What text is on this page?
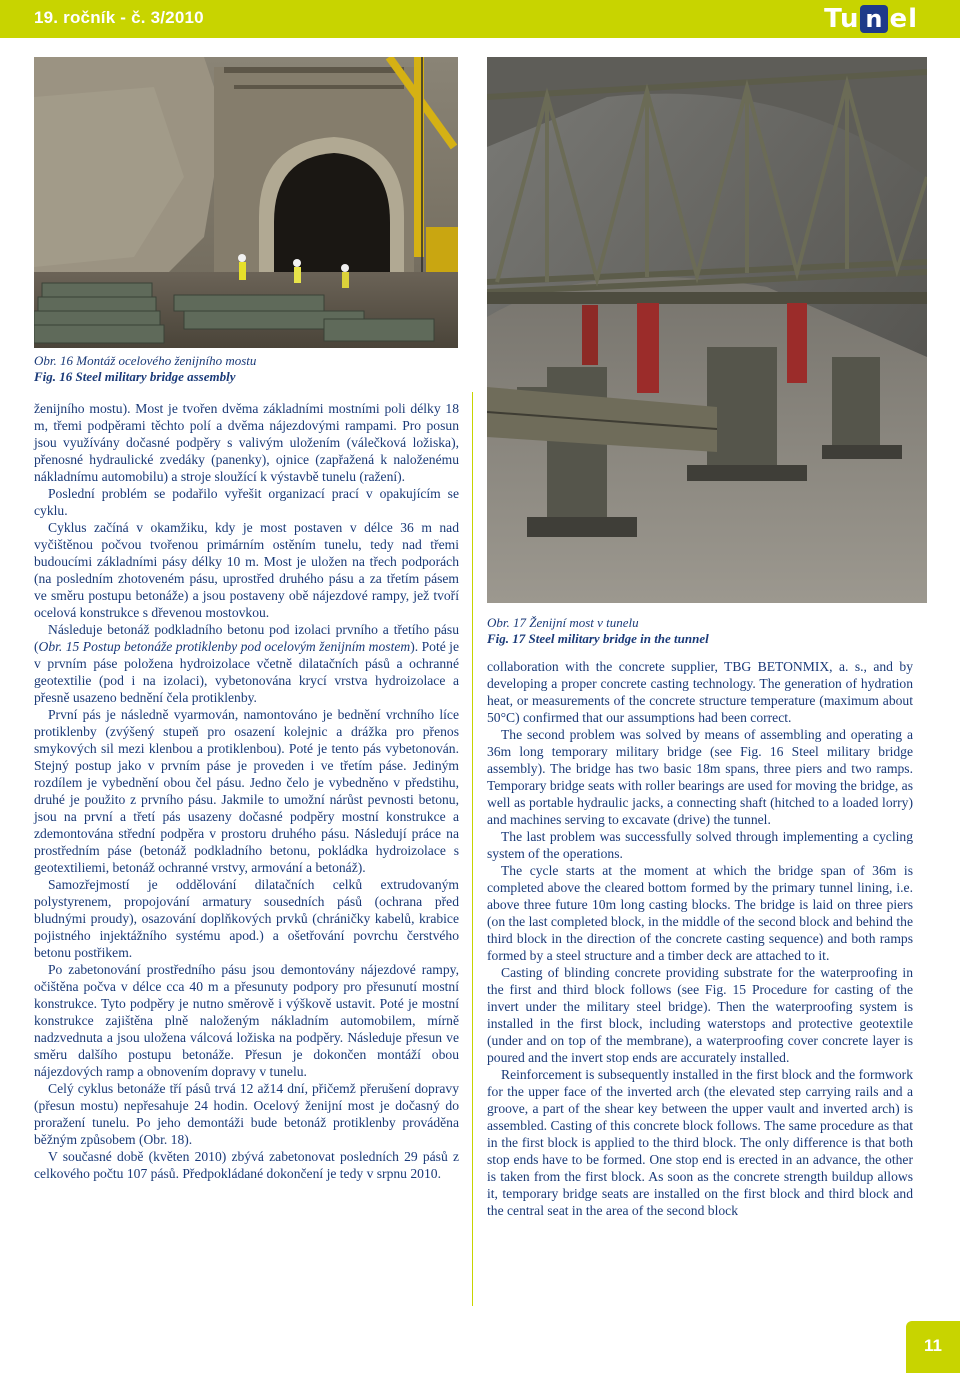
19. ročník - č. 3/2010	Tu n el
Obr. 16 Montáž ocelového ženijního mostu
Fig. 16 Steel military bridge assembly
Obr. 17 Ženijní most v tunelu
Fig. 17 Steel military bridge in the tunnel

ženijního mostu). Most je tvořen dvěma základními mostními poli délky 18 m, třemi podpěrami těchto polí a dvěma nájezdovými rampami. Pro posun jsou využívány dočasné podpěry s valivým uložením (válečková ložiska), přenosné hydraulické zvedáky (panenky), ojnice (zapřažená k naloženému nákladnímu automobilu) a stroje sloužící k výstavbě tunelu (ražení).

Poslední problém se podařilo vyřešit organizací prací v opakujícím se cyklu.

Cyklus začíná v okamžiku, kdy je most postaven v délce 36 m nad vyčištěnou počvou tvořenou primárním ostěním tunelu, tedy nad třemi budoucími základními pásy délky 10 m. Most je uložen na třech podporách (na posledním zhotoveném pásu, uprostřed druhého pásu a za třetím pásem ve směru postupu betonáže) a jsou postaveny obě nájezdové rampy, jež tvoří ocelová konstrukce s dřevenou mostovkou.

Následuje betonáž podkladního betonu pod izolaci prvního a třetího pásu (Obr. 15 Postup betonáže protiklenby pod ocelovým ženijním mostem). Poté je v prvním páse položena hydroizolace včetně dilatačních pásů a ochranné geotextilie (pod i na izolaci), vybetonována krycí vrstva hydroizolace a přesně usazeno bednění čela protiklenby.

První pás je následně vyarmován, namontováno je bednění vrchního líce protiklenby (zvýšený stupeň pro osazení kolejnic a drážka pro přenos smykových sil mezi klenbou a protiklenbou). Poté je tento pás vybetonován. Stejný postup jako v prvním páse je proveden i ve třetím páse. Jediným rozdílem je vybednění obou čel pásu. Jedno čelo je vybedněno v předstihu, druhé je použito z prvního pásu. Jakmile to umožní nárůst pevnosti betonu, jsou na první a třetí pás usazeny dočasné podpěry mostní konstrukce a zdemontována střední podpěra v prostoru druhého pásu. Následují práce na prostředním páse (betonáž podkladního betonu, pokládka hydroizolace s geotextiliemi, betonáž ochranné vrstvy, armování a betonáž).

Samozřejmostí je oddělování dilatačních celků extrudovaným polystyrenem, propojování armatury sousedních pásů (ochrana před bludnými proudy), osazování doplňkových prvků (chráničky kabelů, krabice pojistného injektážního systému apod.) a ošetřování povrchu čerstvého betonu postřikem.

Po zabetonování prostředního pásu jsou demontovány nájezdové rampy, očištěna počva v délce cca 40 m a přesunuty podpory pro přesunutí mostní konstrukce. Tyto podpěry je nutno směrově i výškově ustavit. Poté je mostní konstrukce zajištěna plně naloženým nákladním automobilem, mírně nadzvednuta a jsou uložena válcová ložiska na podpěry. Následuje přesun ve směru dalšího postupu betonáže. Přesun je dokončen montáží obou nájezdových ramp a obnovením dopravy v tunelu.

Celý cyklus betonáže tří pásů trvá 12 až14 dní, přičemž přerušení dopravy (přesun mostu) nepřesahuje 24 hodin. Ocelový ženijní most je dočasný do proražení tunelu. Po jeho demontáži bude betonáž protiklenby prováděna běžným způsobem (Obr. 18).

V současné době (květen 2010) zbývá zabetonovat posledních 29 pásů z celkového počtu 107 pásů. Předpokládané dokončení je tedy v srpnu 2010.

collaboration with the concrete supplier, TBG BETONMIX, a. s., and by developing a proper concrete casting technology. The generation of hydration heat, or measurements of the concrete structure temperature (maximum about 50°C) confirmed that our assumptions had been correct.

The second problem was solved by means of assembling and operating a 36m long temporary military bridge (see Fig. 16 Steel military bridge assembly). The bridge has two basic 18m spans, three piers and two ramps. Temporary bridge seats with roller bearings are used for moving the bridge, as well as portable hydraulic jacks, a connecting shaft (hitched to a loaded lorry) and machines serving to excavate (drive) the tunnel.

The last problem was successfully solved through implementing a cycling system of the operations.

The cycle starts at the moment at which the bridge span of 36m is completed above the cleared bottom formed by the primary tunnel lining, i.e. above three future 10m long casting blocks. The bridge is laid on three piers (on the last completed block, in the middle of the second block and behind the third block in the direction of the concrete casting sequence) and both ramps formed by a steel structure and a timber deck are attached to it.

Casting of blinding concrete providing substrate for the waterproofing in the first and third block follows (see Fig. 15 Procedure for casting of the invert under the military steel bridge). Then the waterproofing system is installed in the first block, including waterstops and protective geotextile (under and on top of the membrane), a waterproofing cover concrete layer is poured and the invert stop ends are accurately installed.

Reinforcement is subsequently installed in the first block and the formwork for the upper face of the inverted arch (the elevated step carrying rails and a groove, a part of the shear key between the upper vault and inverted arch) is assembled. Casting of this concrete block follows. The same procedure as that in the first block is applied to the third block. The only difference is that both stop ends have to be formed. One stop end is erected in an advance, the other is taken from the first block. As soon as the concrete strength buildup allows it, temporary bridge seats are installed on the first block and third block and the central seat in the area of the second block

11
